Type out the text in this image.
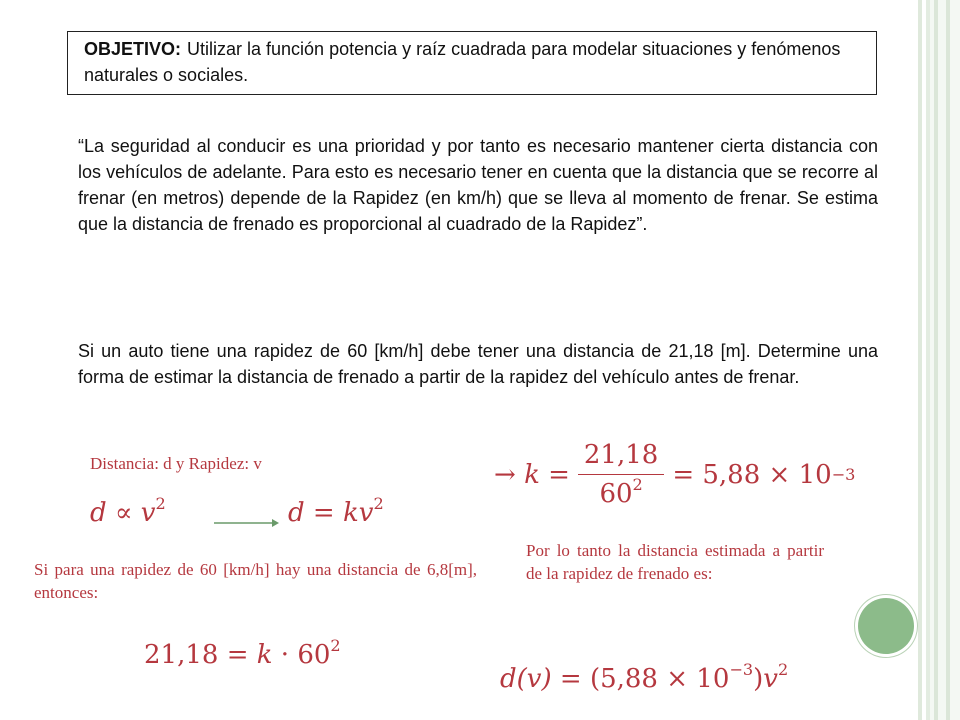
OBJETIVO: Utilizar la función potencia y raíz cuadrada para modelar situaciones y fenómenos naturales o sociales.
“La seguridad al conducir es una prioridad y por tanto es necesario mantener cierta distancia con los vehículos de adelante. Para esto es necesario tener en cuenta que la distancia que se recorre al frenar (en metros) depende de la Rapidez (en km/h) que se lleva al momento de frenar. Se estima que la distancia de frenado es proporcional al cuadrado de la Rapidez”.
Si un auto tiene una rapidez de 60 [km/h] debe tener una distancia de 21,18 [m]. Determine una forma de estimar la distancia de frenado a partir de la rapidez del vehículo antes de frenar.
Distancia: d y Rapidez: v
$d \propto v^2$	$d = kv^2$
→
k
= $\frac{21,18}{60^2} = 5,88 \times 10 -3$
Si para una rapidez de 60 [km/h] hay una distancia de 6,8[m], entonces:
$21,18 = k \cdot 60^2$
Por lo tanto la distancia estimada a partir de la rapidez de frenado es:
$d(v) = (5,88 \times 10^{-3})v^2$
